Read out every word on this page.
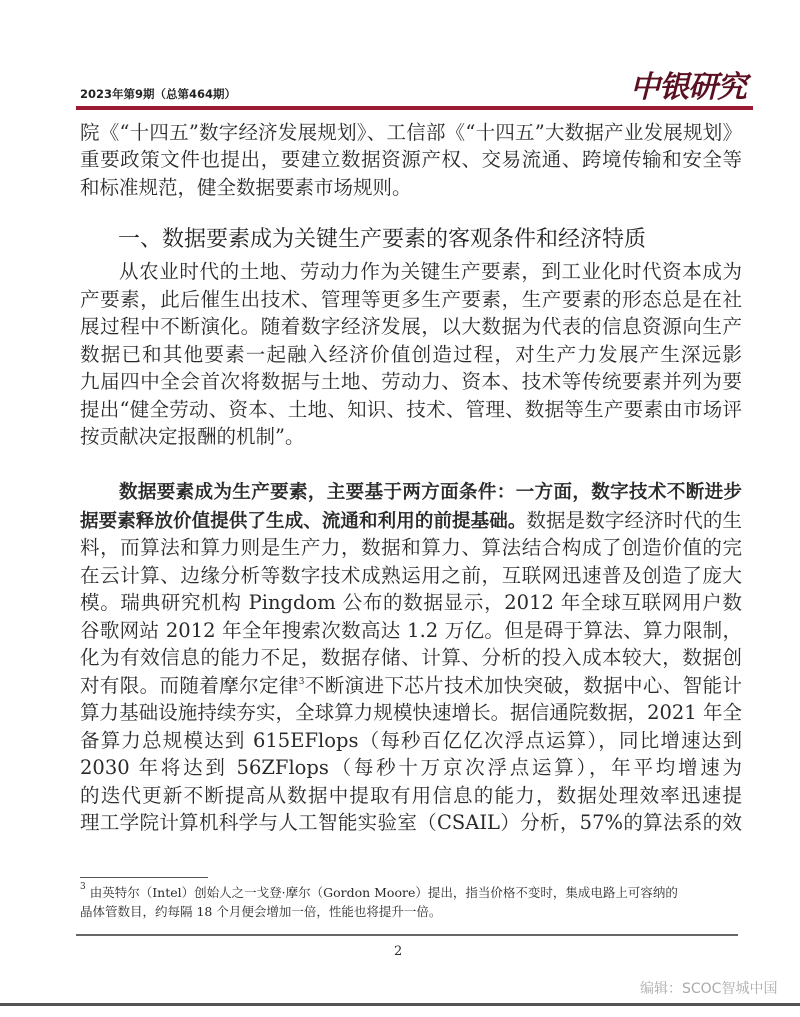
2023年第9期（总第464期）	中银研究
院《“十四五”数字经济发展规划》、工信部《“十四五”大数据产业发展规划》
重要政策文件也提出，要建立数据资源产权、交易流通、跨境传输和安全等
和标准规范，健全数据要素市场规则。
一、数据要素成为关键生产要素的客观条件和经济特质
从农业时代的土地、劳动力作为关键生产要素，到工业化时代资本成为
产要素，此后催生出技术、管理等更多生产要素，生产要素的形态总是在社
展过程中不断演化。随着数字经济发展，以大数据为代表的信息资源向生产
数据已和其他要素一起融入经济价值创造过程，对生产力发展产生深远影
九届四中全会首次将数据与土地、劳动力、资本、技术等传统要素并列为要
提出“健全劳动、资本、土地、知识、技术、管理、数据等生产要素由市场评
按贡献决定报酬的机制”。
数据要素成为生产要素，主要基于两方面条件：一方面，数字技术不断进步
据要素释放价值提供了生成、流通和利用的前提基础。数据是数字经济时代的生
料，而算法和算力则是生产力，数据和算力、算法结合构成了创造价值的完
在云计算、边缘分析等数字技术成熟运用之前，互联网迅速普及创造了庞大
模。瑞典研究机构 Pingdom 公布的数据显示，2012 年全球互联网用户数
谷歌网站 2012 年全年搜索次数高达 1.2 万亿。但是碍于算法、算力限制，
化为有效信息的能力不足，数据存储、计算、分析的投入成本较大，数据创
对有限。而随着摩尔定律$^3$不断演进下芯片技术加快突破，数据中心、智能计
算力基础设施持续夯实，全球算力规模快速增长。据信通院数据，2021 年全
备算力总规模达到 615EFlops（每秒百亿亿次浮点运算），同比增速达到
2030 年将达到 56ZFlops（每秒十万京次浮点运算），年平均增速为
的迭代更新不断提高从数据中提取有用信息的能力，数据处理效率迅速提
理工学院计算机科学与人工智能实验室（CSAIL）分析，57%的算法系的效
$^3$ 由英特尔（Intel）创始人之一戈登·摩尔（Gordon Moore）提出，指当价格不变时，集成电路上可容纳的
晶体管数目，约每隔 18 个月便会增加一倍，性能也将提升一倍。
2
编辑：SCOC智城中国
